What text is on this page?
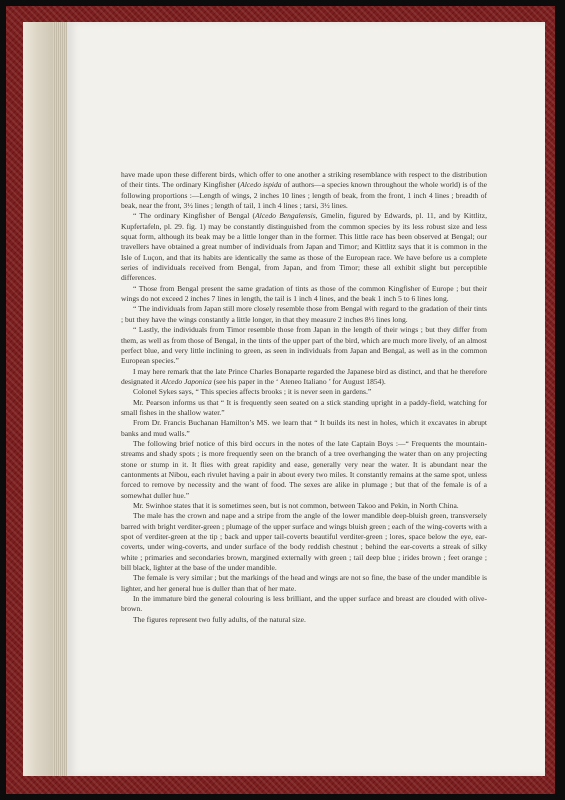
have made upon these different birds, which offer to one another a striking resemblance with respect to the distribution of their tints. The ordinary Kingfisher (Alcedo ispida of authors—a species known throughout the whole world) is of the following proportions :—Length of wings, 2 inches 10 lines ; length of beak, from the front, 1 inch 4 lines ; breadth of beak, near the front, 3½ lines ; length of tail, 1 inch 4 lines ; tarsi, 3½ lines.

“ The ordinary Kingfisher of Bengal (Alcedo Bengalensis, Gmelin, figured by Edwards, pl. 11, and by Kittlitz, Kupfertafeln, pl. 29. fig. 1) may be constantly distinguished from the common species by its less robust size and less squat form, although its beak may be a little longer than in the former. This little race has been observed at Bengal; our travellers have obtained a great number of individuals from Japan and Timor; and Kittlitz says that it is common in the Isle of Luçon, and that its habits are identically the same as those of the European race. We have before us a complete series of individuals received from Bengal, from Japan, and from Timor; these all exhibit slight but perceptible differences.

“ Those from Bengal present the same gradation of tints as those of the common Kingfisher of Europe ; but their wings do not exceed 2 inches 7 lines in length, the tail is 1 inch 4 lines, and the beak 1 inch 5 to 6 lines long.

“ The individuals from Japan still more closely resemble those from Bengal with regard to the gradation of their tints ; but they have the wings constantly a little longer, in that they measure 2 inches 8½ lines long.

“ Lastly, the individuals from Timor resemble those from Japan in the length of their wings ; but they differ from them, as well as from those of Bengal, in the tints of the upper part of the bird, which are much more lively, of an almost perfect blue, and very little inclining to green, as seen in individuals from Japan and Bengal, as well as in the common European species.”

I may here remark that the late Prince Charles Bonaparte regarded the Japanese bird as distinct, and that he therefore designated it Alcedo Japonica (see his paper in the ‘ Ateneo Italiano ’ for August 1854).

Colonel Sykes says, “ This species affects brooks ; it is never seen in gardens.”

Mr. Pearson informs us that “ It is frequently seen seated on a stick standing upright in a paddy-field, watching for small fishes in the shallow water.”

From Dr. Francis Buchanan Hamilton’s MS. we learn that “ It builds its nest in holes, which it excavates in abrupt banks and mud walls.”

The following brief notice of this bird occurs in the notes of the late Captain Boys :—“ Frequents the mountain-streams and shady spots ; is more frequently seen on the branch of a tree overhanging the water than on any projecting stone or stump in it. It flies with great rapidity and ease, generally very near the water. It is abundant near the cantonments at Nibou, each rivulet having a pair in about every two miles. It constantly remains at the same spot, unless forced to remove by necessity and the want of food. The sexes are alike in plumage ; but that of the female is of a somewhat duller hue.”

Mr. Swinhoe states that it is sometimes seen, but is not common, between Takoo and Pekin, in North China.

The male has the crown and nape and a stripe from the angle of the lower mandible deep-bluish green, transversely barred with bright verditer-green ; plumage of the upper surface and wings bluish green ; each of the wing-coverts with a spot of verditer-green at the tip ; back and upper tail-coverts beautiful verditer-green ; lores, space below the eye, ear-coverts, under wing-coverts, and under surface of the body reddish chestnut ; behind the ear-coverts a streak of silky white ; primaries and secondaries brown, margined externally with green ; tail deep blue ; irides brown ; feet orange ; bill black, lighter at the base of the under mandible.

The female is very similar ; but the markings of the head and wings are not so fine, the base of the under mandible is lighter, and her general hue is duller than that of her mate.

In the immature bird the general colouring is less brilliant, and the upper surface and breast are clouded with olive-brown.

The figures represent two fully adults, of the natural size.
